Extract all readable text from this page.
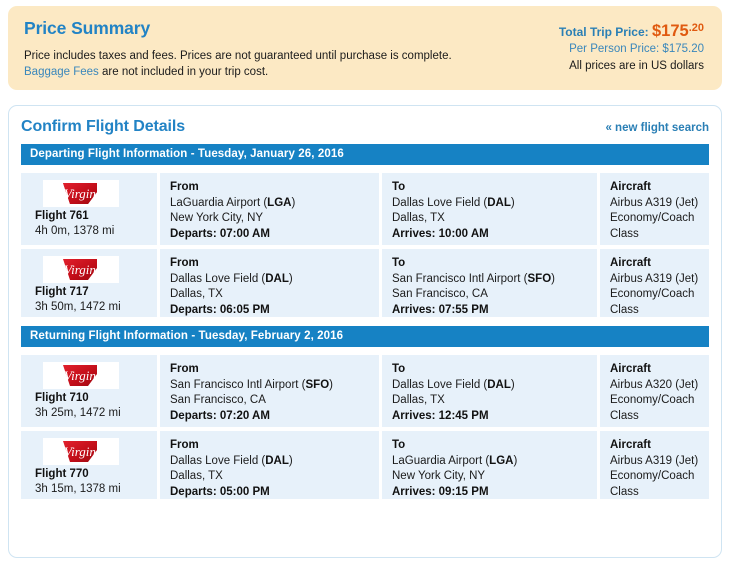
Price Summary
Price includes taxes and fees. Prices are not guaranteed until purchase is complete.
Baggage Fees are not included in your trip cost.
Total Trip Price: $175.20
Per Person Price: $175.20
All prices are in US dollars
Confirm Flight Details	« new flight search
Departing Flight Information - Tuesday, January 26, 2016
Virgin
Flight 761
4h 0m, 1378 mi
From
LaGuardia Airport (LGA)
New York City, NY
Departs: 07:00 AM
To
Dallas Love Field (DAL)
Dallas, TX
Arrives: 10:00 AM
Aircraft
Airbus A319 (Jet)
Economy/Coach
Class
Virgin
Flight 717
3h 50m, 1472 mi
From
Dallas Love Field (DAL)
Dallas, TX
Departs: 06:05 PM
To
San Francisco Intl Airport (SFO)
San Francisco, CA
Arrives: 07:55 PM
Aircraft
Airbus A319 (Jet)
Economy/Coach
Class
Returning Flight Information - Tuesday, February 2, 2016
Virgin
Flight 710
3h 25m, 1472 mi
From
San Francisco Intl Airport (SFO)
San Francisco, CA
Departs: 07:20 AM
To
Dallas Love Field (DAL)
Dallas, TX
Arrives: 12:45 PM
Aircraft
Airbus A320 (Jet)
Economy/Coach
Class
Virgin
Flight 770
3h 15m, 1378 mi
From
Dallas Love Field (DAL)
Dallas, TX
Departs: 05:00 PM
To
LaGuardia Airport (LGA)
New York City, NY
Arrives: 09:15 PM
Aircraft
Airbus A319 (Jet)
Economy/Coach
Class
